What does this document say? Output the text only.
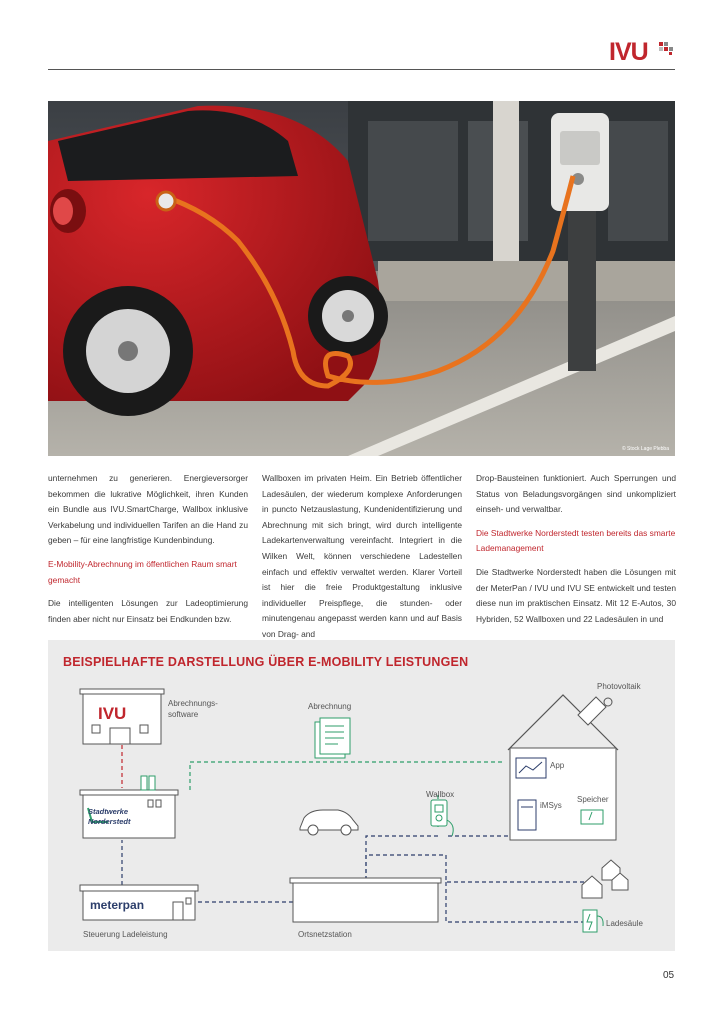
IVU
© Stock Lage Plebba

unternehmen zu generieren. Energieversorger bekommen die lukrative Möglichkeit, ihren Kunden ein Bundle aus IVU.SmartCharge, Wallbox inklusive Verkabelung und individuellen Tarifen an die Hand zu geben – für eine langfristige Kundenbindung.

E-Mobility-Abrechnung im öffentlichen Raum smart gemacht

Die intelligenten Lösungen zur Ladeoptimierung finden aber nicht nur Einsatz bei Endkunden bzw.

Wallboxen im privaten Heim. Ein Betrieb öffentlicher Ladesäulen, der wiederum komplexe Anforderungen in puncto Netzauslastung, Kundenidentifizierung und Abrechnung mit sich bringt, wird durch intelligente Ladekartenverwaltung vereinfacht. Integriert in die Wilken Welt, können verschiedene Ladestellen einfach und effektiv verwaltet werden. Klarer Vorteil ist hier die freie Produktgestaltung inklusive individueller Preispflege, die stunden- oder minutengenau angepasst werden kann und auf Basis von Drag- and

Drop-Bausteinen funktioniert. Auch Sperrungen und Status von Beladungsvorgängen sind unkompliziert einseh- und verwaltbar.

Die Stadtwerke Norderstedt testen bereits das smarte Lademanagement

Die Stadtwerke Norderstedt haben die Lösungen mit der MeterPan / IVU und IVU SE entwickelt und testen diese nun im praktischen Einsatz. Mit 12 E-Autos, 30 Hybriden, 52 Wallboxen und 22 Ladesäulen in und

BEISPIELHAFTE DARSTELLUNG ÜBER E-MOBILITY LEISTUNGEN
IVU
Abrechnungs-
software
Abrechnung
Photovoltaik
App
iMSys
Speicher
Wallbox
Stadtwerke
Norderstedt
meterpan
Steuerung Ladeleistung	Ortsnetzstation
Ladesäule
05
